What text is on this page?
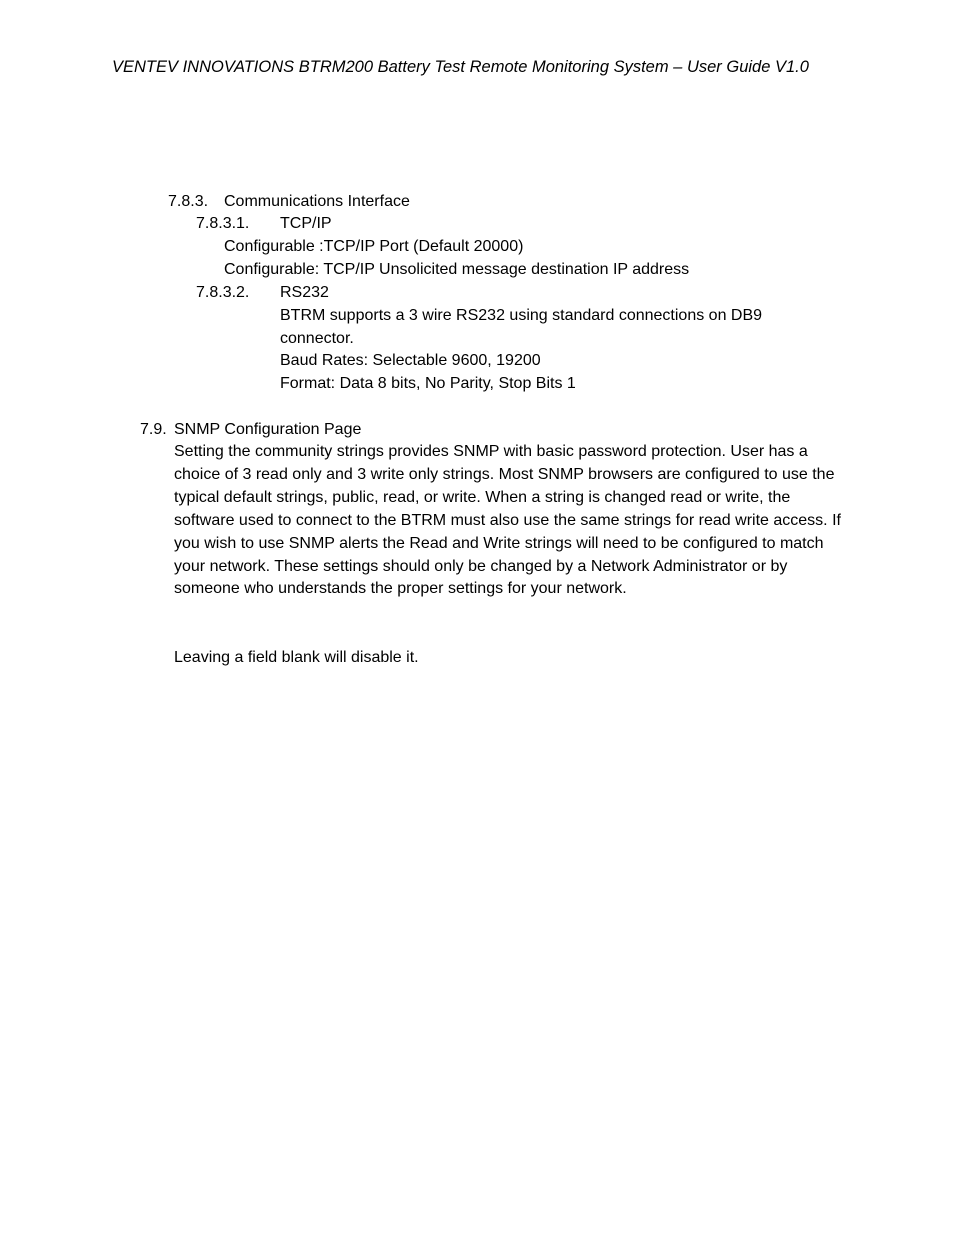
VENTEV INNOVATIONS BTRM200 Battery Test Remote Monitoring System – User Guide V1.0
7.8.3. Communications Interface
7.8.3.1. TCP/IP
Configurable :TCP/IP Port (Default 20000)
Configurable: TCP/IP Unsolicited message destination IP address
7.8.3.2. RS232
BTRM supports a 3 wire RS232 using standard connections on DB9
connector.
Baud Rates: Selectable 9600, 19200
Format: Data 8 bits, No Parity, Stop Bits 1
7.9. SNMP Configuration Page
Setting the community strings provides SNMP with basic password protection. User has a choice of 3 read only and 3 write only strings. Most SNMP browsers are configured to use the typical default strings, public, read, or write. When a string is changed read or write, the software used to connect to the BTRM must also use the same strings for read write access. If you wish to use SNMP alerts the Read and Write strings will need to be configured to match your network. These settings should only be changed by a Network Administrator or by someone who understands the proper settings for your network.
Leaving a field blank will disable it.
